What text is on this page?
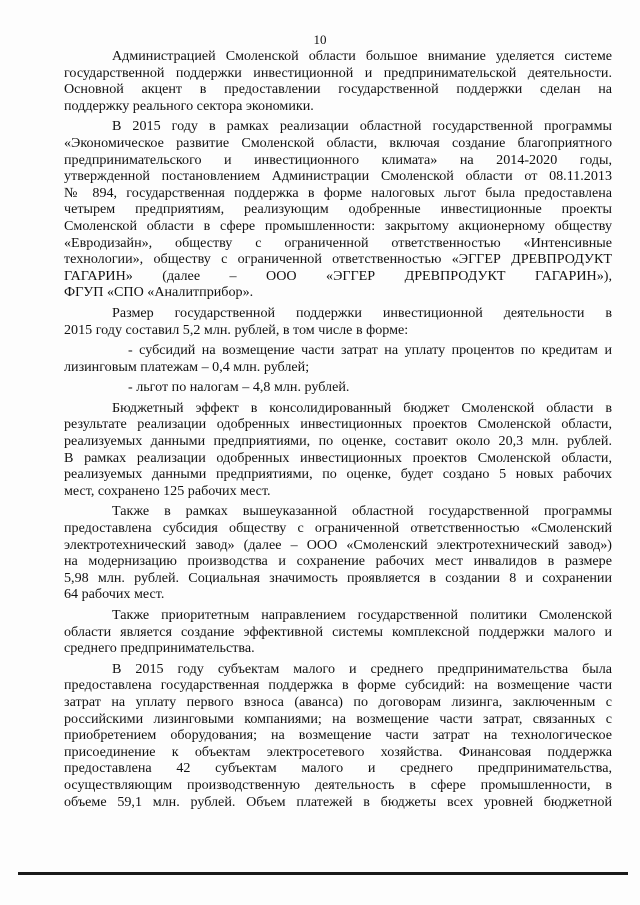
10
Администрацией Смоленской области большое внимание уделяется системе
государственной поддержки инвестиционной и предпринимательской деятельности.
Основной акцент в предоставлении государственной поддержки сделан на
поддержку реального сектора экономики.
В 2015 году в рамках реализации областной государственной программы
«Экономическое развитие Смоленской области, включая создание благоприятного
предпринимательского и инвестиционного климата» на 2014-2020 годы,
утвержденной постановлением Администрации Смоленской области от 08.11.2013
№ 894, государственная поддержка в форме налоговых льгот была предоставлена
четырем предприятиям, реализующим одобренные инвестиционные проекты
Смоленской области в сфере промышленности: закрытому акционерному обществу
«Евродизайн», обществу с ограниченной ответственностью «Интенсивные
технологии», обществу с ограниченной ответственностью «ЭГГЕР ДРЕВПРОДУКТ
ГАГАРИН» (далее – ООО «ЭГГЕР ДРЕВПРОДУКТ ГАГАРИН»),
ФГУП «СПО «Аналитприбор».
Размер государственной поддержки инвестиционной деятельности в
2015 году составил 5,2 млн. рублей, в том числе в форме:
- субсидий на возмещение части затрат на уплату процентов по кредитам и
лизинговым платежам – 0,4 млн. рублей;
- льгот по налогам – 4,8 млн. рублей.
Бюджетный эффект в консолидированный бюджет Смоленской области в
результате реализации одобренных инвестиционных проектов Смоленской области,
реализуемых данными предприятиями, по оценке, составит около 20,3 млн. рублей.
В рамках реализации одобренных инвестиционных проектов Смоленской области,
реализуемых данными предприятиями, по оценке, будет создано 5 новых рабочих
мест, сохранено 125 рабочих мест.
Также в рамках вышеуказанной областной государственной программы
предоставлена субсидия обществу с ограниченной ответственностью «Смоленский
электротехнический завод» (далее – ООО «Смоленский электротехнический завод»)
на модернизацию производства и сохранение рабочих мест инвалидов в размере
5,98 млн. рублей. Социальная значимость проявляется в создании 8 и сохранении
64 рабочих мест.
Также приоритетным направлением государственной политики Смоленской
области является создание эффективной системы комплексной поддержки малого и
среднего предпринимательства.
В 2015 году субъектам малого и среднего предпринимательства была
предоставлена государственная поддержка в форме субсидий: на возмещение части
затрат на уплату первого взноса (аванса) по договорам лизинга, заключенным с
российскими лизинговыми компаниями; на возмещение части затрат, связанных с
приобретением оборудования; на возмещение части затрат на технологическое
присоединение к объектам электросетевого хозяйства. Финансовая поддержка
предоставлена 42 субъектам малого и среднего предпринимательства,
осуществляющим производственную деятельность в сфере промышленности, в
объеме 59,1 млн. рублей. Объем платежей в бюджеты всех уровней бюджетной
